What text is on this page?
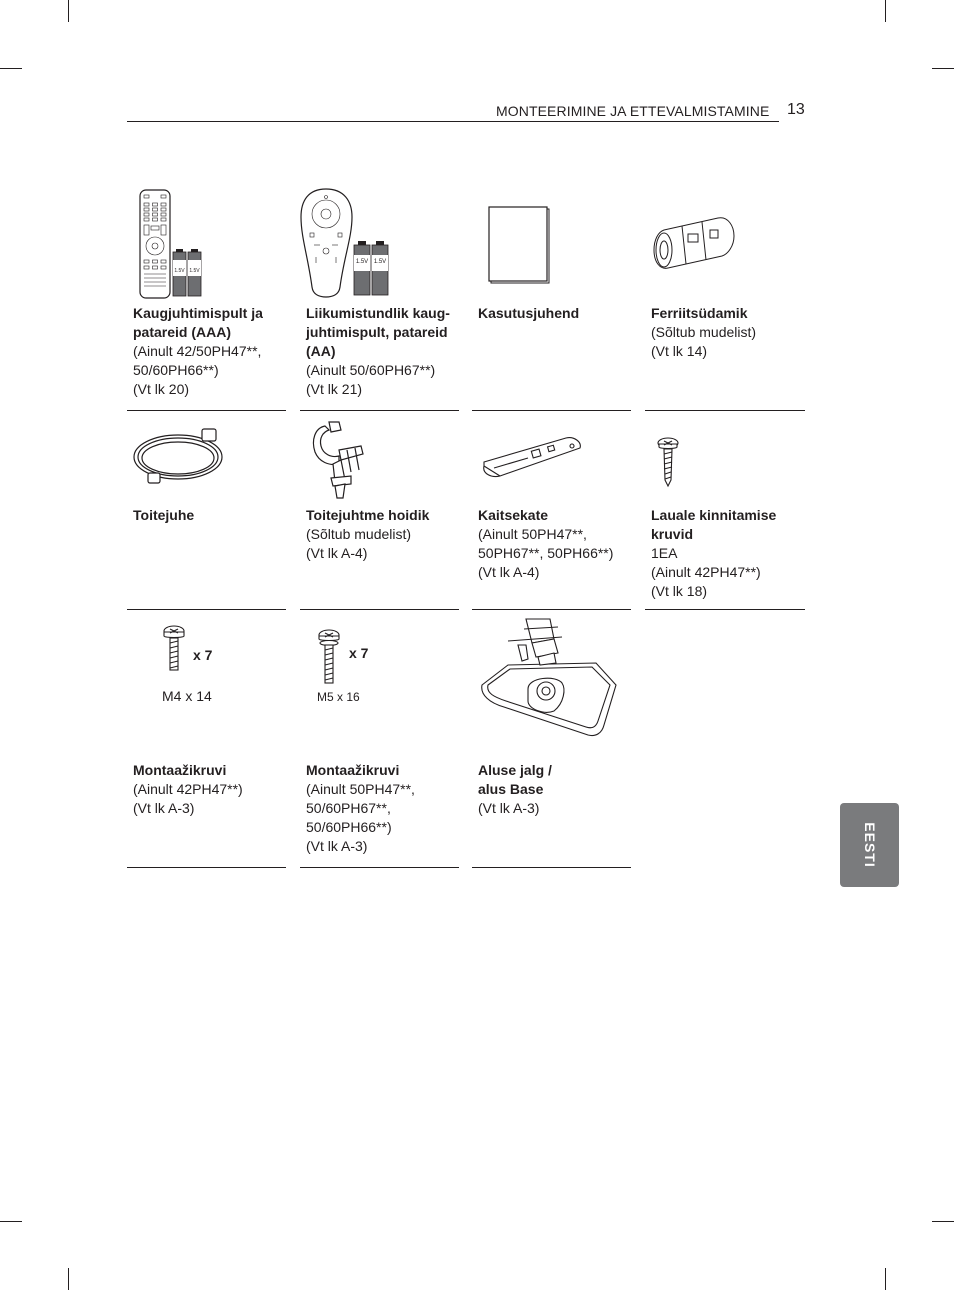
MONTEERIMINE JA ETTEVALMISTAMINE 13
EESTI
1.5V 1.5V
1.5V 1.5V
Kaugjuhtimispult ja patareid (AAA)
(Ainult 42/50PH47**,
50/60PH66**)
(Vt lk 20)
Liikumistundlik kaug-juhtimispult, patareid (AA)
(Ainult 50/60PH67**)
(Vt lk 21)
Kasutusjuhend	Ferriitsüdamik
(Sõltub mudelist)
(Vt lk 14)
Toitejuhe	Toitejuhtme hoidik
(Sõltub mudelist)
(Vt lk A-4)
Kaitsekate
(Ainult 50PH47**,
50PH67**, 50PH66**)
(Vt lk A-4)
Lauale kinnitamise kruvid
1EA
(Ainult 42PH47**)
(Vt lk 18)
x 7
M4 x 14
x 7
M5 x 16
Montaažikruvi
(Ainult 42PH47**)
(Vt lk A-3)
Montaažikruvi
(Ainult 50PH47**,
50/60PH67**,
50/60PH66**)
(Vt lk A-3)
Aluse jalg / alus Base
(Vt lk A-3)
